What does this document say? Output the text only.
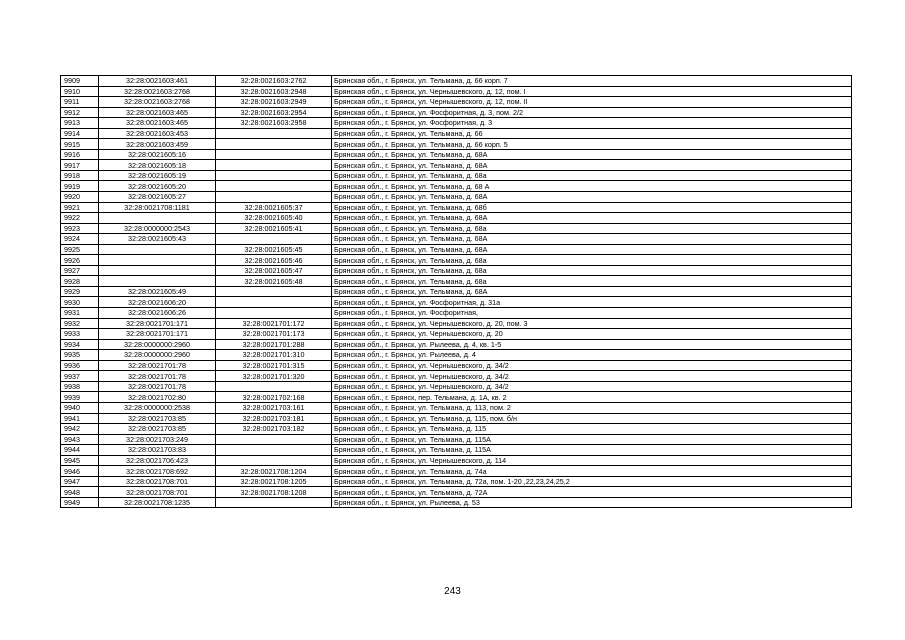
9909	32:28:0021603:461	32:28:0021603:2762	Брянская обл., г. Брянск, ул. Тельмана, д. 66 корп. 7
9910	32:28:0021603:2768	32:28:0021603:2948	Брянская обл., г. Брянск, ул. Чернышевского, д. 12, пом. I
9911	32:28:0021603:2768	32:28:0021603:2949	Брянская обл., г. Брянск, ул. Чернышевского, д. 12, пом. II
9912	32:28:0021603:465	32:28:0021603:2954	Брянская обл., г. Брянск, ул. Фосфоритная, д. 3, пом. 2/2
9913	32:28:0021603:465	32:28:0021603:2958	Брянская обл., г. Брянск, ул. Фосфоритная, д. 3
9914	32:28:0021603:453		Брянская обл., г. Брянск, ул. Тельмана, д. 66
9915	32:28:0021603:459		Брянская обл., г. Брянск, ул. Тельмана, д. 66 корп. 5
9916	32:28:0021605:16		Брянская обл., г. Брянск, ул. Тельмана, д. 68А
9917	32:28:0021605:18		Брянская обл., г. Брянск, ул. Тельмана, д. 68А
9918	32:28:0021605:19		Брянская обл., г. Брянск, ул. Тельмана, д. 68а
9919	32:28:0021605:20		Брянская обл., г. Брянск, ул. Тельмана, д. 68 А
9920	32:28:0021605:27		Брянская обл., г. Брянск, ул. Тельмана, д. 68А
9921	32:28:0021708:1181	32:28:0021605:37	Брянская обл., г. Брянск, ул. Тельмана, д. 68б
9922		32:28:0021605:40	Брянская обл., г. Брянск, ул. Тельмана, д. 68А
9923	32:28:0000000:2543	32:28:0021605:41	Брянская обл., г. Брянск, ул. Тельмана, д. 68а
9924	32:28:0021605:43		Брянская обл., г. Брянск, ул. Тельмана, д. 68А
9925		32:28:0021605:45	Брянская обл., г. Брянск, ул. Тельмана, д. 68А
9926		32:28:0021605:46	Брянская обл., г. Брянск, ул. Тельмана, д. 68а
9927		32:28:0021605:47	Брянская обл., г. Брянск, ул. Тельмана, д. 68а
9928		32:28:0021605:48	Брянская обл., г. Брянск, ул. Тельмана, д. 68а
9929	32:28:0021605:49		Брянская обл., г. Брянск, ул. Тельмана, д. 68А
9930	32:28:0021606:20		Брянская обл., г. Брянск, ул. Фосфоритная, д. 31а
9931	32:28:0021606:26		Брянская обл., г. Брянск, ул. Фосфоритная,
9932	32:28:0021701:171	32:28:0021701:172	Брянская обл., г. Брянск, ул. Чернышевского, д. 20, пом. 3
9933	32:28:0021701:171	32:28:0021701:173	Брянская обл., г. Брянск, ул. Чернышевского, д. 20
9934	32:28:0000000:2960	32:28:0021701:288	Брянская обл., г. Брянск, ул. Рылеева, д. 4, кв. 1-5
9935	32:28:0000000:2960	32:28:0021701:310	Брянская обл., г. Брянск, ул. Рылеева, д. 4
9936	32:28:0021701:78	32:28:0021701:315	Брянская обл., г. Брянск, ул. Чернышевского, д. 34/2
9937	32:28:0021701:78	32:28:0021701:320	Брянская обл., г. Брянск, ул. Чернышевского, д. 34/2
9938	32:28:0021701:78		Брянская обл., г. Брянск, ул. Чернышевского, д. 34/2
9939	32:28:0021702:80	32:28:0021702:168	Брянская обл., г. Брянск, пер. Тельмана, д. 1А, кв. 2
9940	32:28:0000000:2538	32:28:0021703:161	Брянская обл., г. Брянск, ул. Тельмана, д. 113, пом. 2
9941	32:28:0021703:85	32:28:0021703:181	Брянская обл., г. Брянск, ул. Тельмана, д. 115, пом. б/н
9942	32:28:0021703:85	32:28:0021703:182	Брянская обл., г. Брянск, ул. Тельмана, д. 115
9943	32:28:0021703:249		Брянская обл., г. Брянск, ул. Тельмана, д. 115А
9944	32:28:0021703:83		Брянская обл., г. Брянск, ул. Тельмана, д. 115А
9945	32:28:0021706:423		Брянская обл., г. Брянск, ул. Чернышевского, д. 114
9946	32:28:0021708:692	32:28:0021708:1204	Брянская обл., г. Брянск, ул. Тельмана, д. 74а
9947	32:28:0021708:701	32:28:0021708:1205	Брянская обл., г. Брянск, ул. Тельмана, д. 72а, пом. 1-20 ,22,23,24,25,2
9948	32:28:0021708:701	32:28:0021708:1208	Брянская обл., г. Брянск, ул. Тельмана, д. 72А
9949	32:28:0021708:1235		Брянская обл., г. Брянск, ул. Рылеева, д. 53
243
